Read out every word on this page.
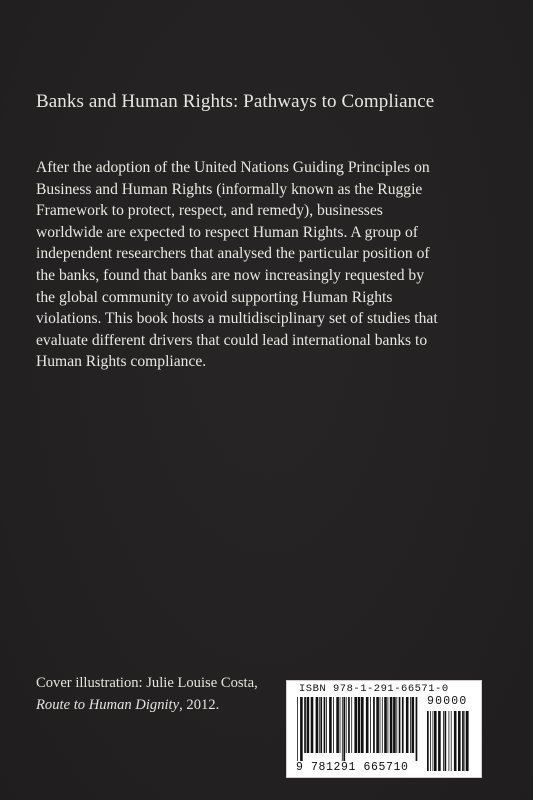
Banks and Human Rights: Pathways to Compliance
After the adoption of the United Nations Guiding Principles on
Business and Human Rights (informally known as the Ruggie
Framework to protect, respect, and remedy), businesses
worldwide are expected to respect Human Rights. A group of
independent researchers that analysed the particular position of
the banks, found that banks are now increasingly requested by
the global community to avoid supporting Human Rights
violations. This book hosts a multidisciplinary set of studies that
evaluate different drivers that could lead international banks to
Human Rights compliance.
Cover illustration: Julie Louise Costa,
Route to Human Dignity, 2012.
ISBN 978-1-291-66571-0
90000
9 781291 665710
